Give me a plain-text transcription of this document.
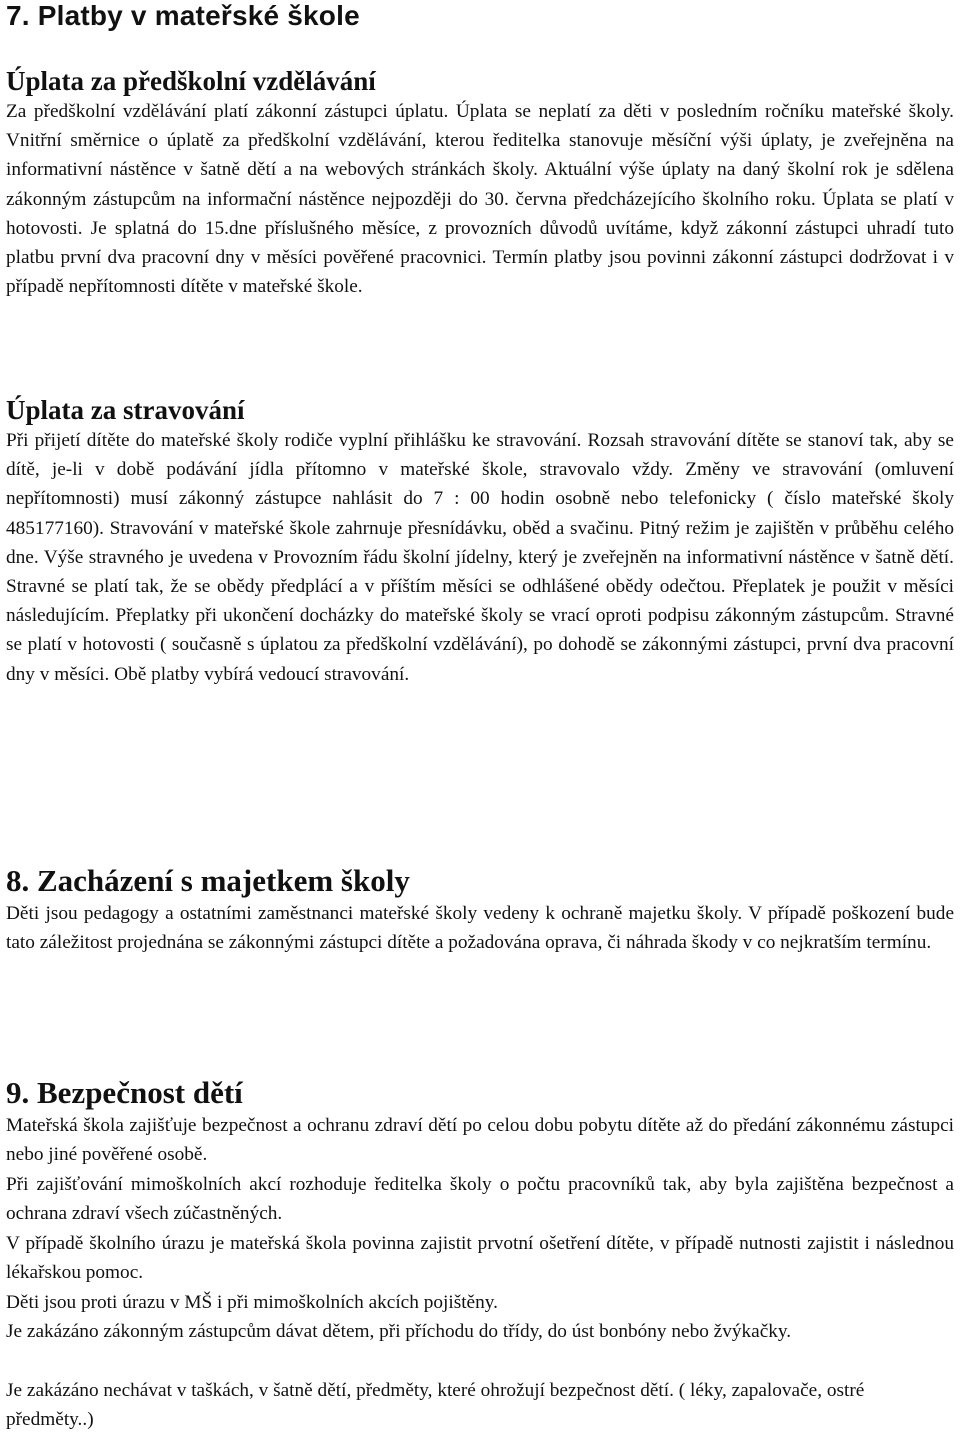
7. Platby v mateřské škole
Úplata za předškolní vzdělávání

Za předškolní vzdělávání platí zákonní zástupci úplatu. Úplata se neplatí za děti v posledním ročníku mateřské školy. Vnitřní směrnice o úplatě za předškolní vzdělávání, kterou ředitelka stanovuje měsíční výši úplaty, je zveřejněna na informativní nástěnce v šatně dětí a na webových stránkách školy. Aktuální výše úplaty na daný školní rok je sdělena zákonným zástupcům na informační nástěnce nejpozději do 30. června předcházejícího školního roku. Úplata se platí v hotovosti. Je splatná do 15.dne příslušného měsíce, z provozních důvodů uvítáme, když zákonní zástupci uhradí tuto platbu první dva pracovní dny v měsíci pověřené pracovnici. Termín platby jsou povinni zákonní zástupci dodržovat i v případě nepřítomnosti dítěte v mateřské škole.

Úplata za stravování

Při přijetí dítěte do mateřské školy rodiče vyplní přihlášku ke stravování. Rozsah stravování dítěte se stanoví tak, aby se dítě, je-li v době podávání jídla přítomno v mateřské škole, stravovalo vždy. Změny ve stravování (omluvení nepřítomnosti) musí zákonný zástupce nahlásit do 7 : 00 hodin osobně nebo telefonicky ( číslo mateřské školy 485177160). Stravování v mateřské škole zahrnuje přesnídávku, oběd a svačinu. Pitný režim je zajištěn v průběhu celého dne. Výše stravného je uvedena v Provozním řádu školní jídelny, který je zveřejněn na informativní nástěnce v šatně dětí. Stravné se platí tak, že se obědy předplácí a v příštím měsíci se odhlášené obědy odečtou. Přeplatek je použit v měsíci následujícím. Přeplatky při ukončení docházky do mateřské školy se vrací oproti podpisu zákonným zástupcům. Stravné se platí v hotovosti ( současně s úplatou za předškolní vzdělávání), po dohodě se zákonnými zástupci, první dva pracovní dny v měsíci. Obě platby vybírá vedoucí stravování.

8. Zacházení s majetkem školy

Děti jsou pedagogy a ostatními zaměstnanci mateřské školy vedeny k ochraně majetku školy. V případě poškození bude tato záležitost projednána se zákonnými zástupci dítěte a požadována oprava, či náhrada škody v co nejkratším termínu.

9. Bezpečnost dětí

Mateřská škola zajišťuje bezpečnost a ochranu zdraví dětí po celou dobu pobytu dítěte až do předání zákonnému zástupci nebo jiné pověřené osobě.

Při zajišťování mimoškolních akcí rozhoduje ředitelka školy o počtu pracovníků tak, aby byla zajištěna bezpečnost a ochrana zdraví všech zúčastněných.

V případě školního úrazu je mateřská škola povinna zajistit prvotní ošetření dítěte, v případě nutnosti zajistit i následnou lékařskou pomoc.

Děti jsou proti úrazu v MŠ i při mimoškolních akcích pojištěny.

Je zakázáno zákonným zástupcům dávat dětem, při příchodu do třídy, do úst bonbóny nebo žvýkačky.

Je zakázáno nechávat v taškách, v šatně dětí, předměty, které ohrožují bezpečnost dětí. ( léky, zapalovače, ostré předměty..)
